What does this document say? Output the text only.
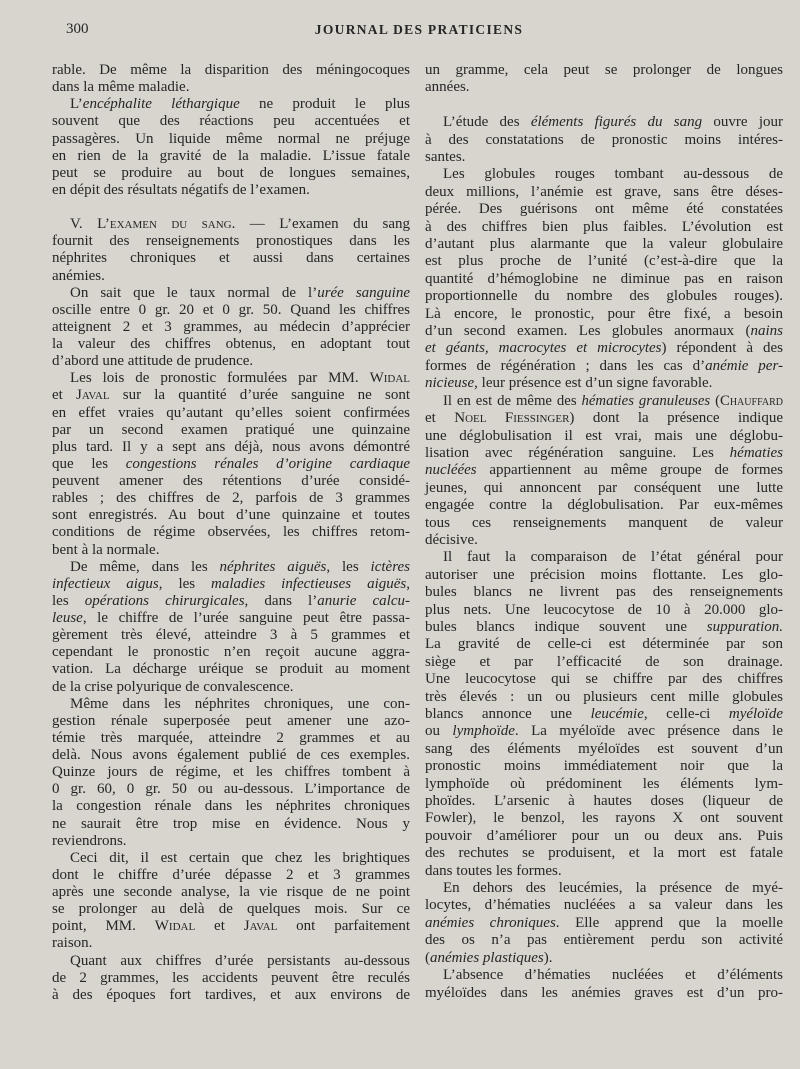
300	JOURNAL DES PRATICIENS
rable. De même la disparition des méningocoques
dans la même maladie.
L’encéphalite léthargique ne produit le plus
souvent que des réactions peu accentuées et
passagères. Un liquide même normal ne préjuge
en rien de la gravité de la maladie. L’issue fatale
peut se produire au bout de longues semaines,
en dépit des résultats négatifs de l’examen.
V. L’examen du sang. — L’examen du sang
fournit des renseignements pronostiques dans les
néphrites chroniques et aussi dans certaines
anémies.
On sait que le taux normal de l’urée sanguine
oscille entre 0 gr. 20 et 0 gr. 50. Quand les chiffres
atteignent 2 et 3 grammes, au médecin d’apprécier
la valeur des chiffres obtenus, en adoptant tout
d’abord une attitude de prudence.
Les lois de pronostic formulées par MM. Widal
et Javal sur la quantité d’urée sanguine ne sont
en effet vraies qu’autant qu’elles soient confirmées
par un second examen pratiqué une quinzaine
plus tard. Il y a sept ans déjà, nous avons démontré
que les congestions rénales d’origine cardiaque
peuvent amener des rétentions d’urée considé-
rables ; des chiffres de 2, parfois de 3 grammes
sont enregistrés. Au bout d’une quinzaine et toutes
conditions de régime observées, les chiffres retom-
bent à la normale.
De même, dans les néphrites aiguës, les ictères
infectieux aigus, les maladies infectieuses aiguës,
les opérations chirurgicales, dans l’anurie calcu-
leuse, le chiffre de l’urée sanguine peut être passa-
gèrement très élevé, atteindre 3 à 5 grammes et
cependant le pronostic n’en reçoit aucune aggra-
vation. La décharge uréique se produit au moment
de la crise polyurique de convalescence.
Même dans les néphrites chroniques, une con-
gestion rénale superposée peut amener une azo-
témie très marquée, atteindre 2 grammes et au
delà. Nous avons également publié de ces exemples.
Quinze jours de régime, et les chiffres tombent à
0 gr. 60, 0 gr. 50 ou au-dessous. L’importance de
la congestion rénale dans les néphrites chroniques
ne saurait être trop mise en évidence. Nous y
reviendrons.
Ceci dit, il est certain que chez les brightiques
dont le chiffre d’urée dépasse 2 et 3 grammes
après une seconde analyse, la vie risque de ne point
se prolonger au delà de quelques mois. Sur ce
point, MM. Widal et Javal ont parfaitement
raison.
Quant aux chiffres d’urée persistants au-dessous
de 2 grammes, les accidents peuvent être reculés
à des époques fort tardives, et aux environs de
un gramme, cela peut se prolonger de longues
années.
L’étude des éléments figurés du sang ouvre jour
à des constatations de pronostic moins intéres-
santes.
Les globules rouges tombant au-dessous de
deux millions, l’anémie est grave, sans être déses-
pérée. Des guérisons ont même été constatées
à des chiffres bien plus faibles. L’évolution est
d’autant plus alarmante que la valeur globulaire
est plus proche de l’unité (c’est-à-dire que la
quantité d’hémoglobine ne diminue pas en raison
proportionnelle du nombre des globules rouges).
Là encore, le pronostic, pour être fixé, a besoin
d’un second examen. Les globules anormaux (nains
et géants, macrocytes et microcytes) répondent à des
formes de régénération ; dans les cas d’anémie per-
nicieuse, leur présence est d’un signe favorable.
Il en est de même des hématies granuleuses (Chauffard
et Noel Fiessinger) dont la présence indique
une déglobulisation il est vrai, mais une déglobu-
lisation avec régénération sanguine. Les hématies
nucléées appartiennent au même groupe de formes
jeunes, qui annoncent par conséquent une lutte
engagée contre la déglobulisation. Par eux-mêmes
tous ces renseignements manquent de valeur
décisive.
Il faut la comparaison de l’état général pour
autoriser une précision moins flottante. Les glo-
bules blancs ne livrent pas des renseignements
plus nets. Une leucocytose de 10 à 20.000 glo-
bules blancs indique souvent une suppuration.
La gravité de celle-ci est déterminée par son
siège et par l’efficacité de son drainage.
Une leucocytose qui se chiffre par des chiffres
très élevés : un ou plusieurs cent mille globules
blancs annonce une leucémie, celle-ci myéloïde
ou lymphoïde. La myéloïde avec présence dans le
sang des éléments myéloïdes est souvent d’un
pronostic moins immédiatement noir que la
lymphoïde où prédominent les éléments lym-
phoïdes. L’arsenic à hautes doses (liqueur de
Fowler), le benzol, les rayons X ont souvent
pouvoir d’améliorer pour un ou deux ans. Puis
des rechutes se produisent, et la mort est fatale
dans toutes les formes.
En dehors des leucémies, la présence de myé-
locytes, d’hématies nucléées a sa valeur dans les
anémies chroniques. Elle apprend que la moelle
des os n’a pas entièrement perdu son activité
(anémies plastiques).
L’absence d’hématies nucléées et d’éléments
myéloïdes dans les anémies graves est d’un pro-
